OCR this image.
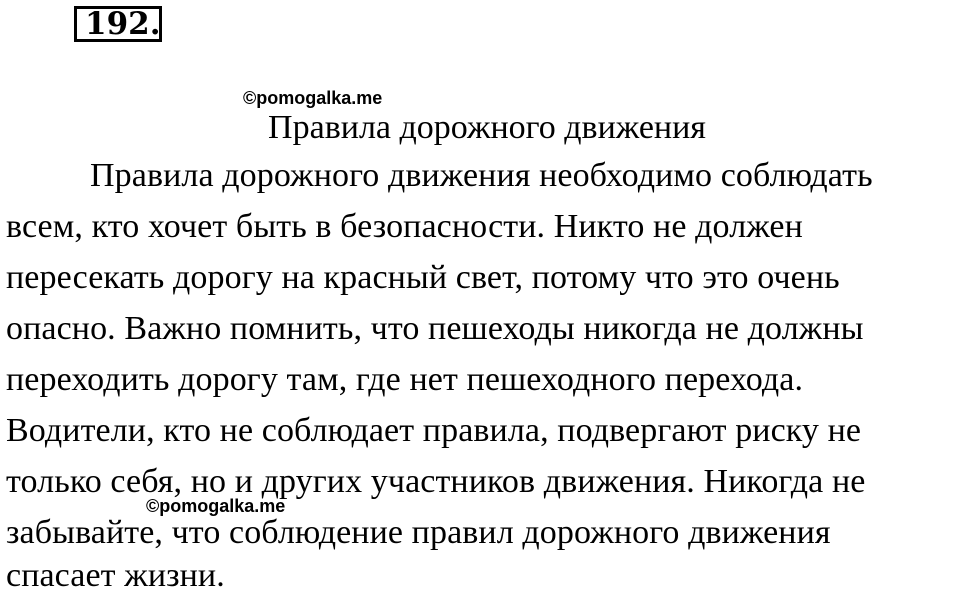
192.
©pomogalka.me
Правила дорожного движения
Правила дорожного движения необходимо соблюдать
всем, кто хочет быть в безопасности. Никто не должен
пересекать дорогу на красный свет, потому что это очень
опасно. Важно помнить, что пешеходы никогда не должны
переходить дорогу там, где нет пешеходного перехода.
Водители, кто не соблюдает правила, подвергают риску не
только себя, но и других участников движения. Никогда не
забывайте, что соблюдение правил дорожного движения
спасает жизни.
©pomogalka.me
